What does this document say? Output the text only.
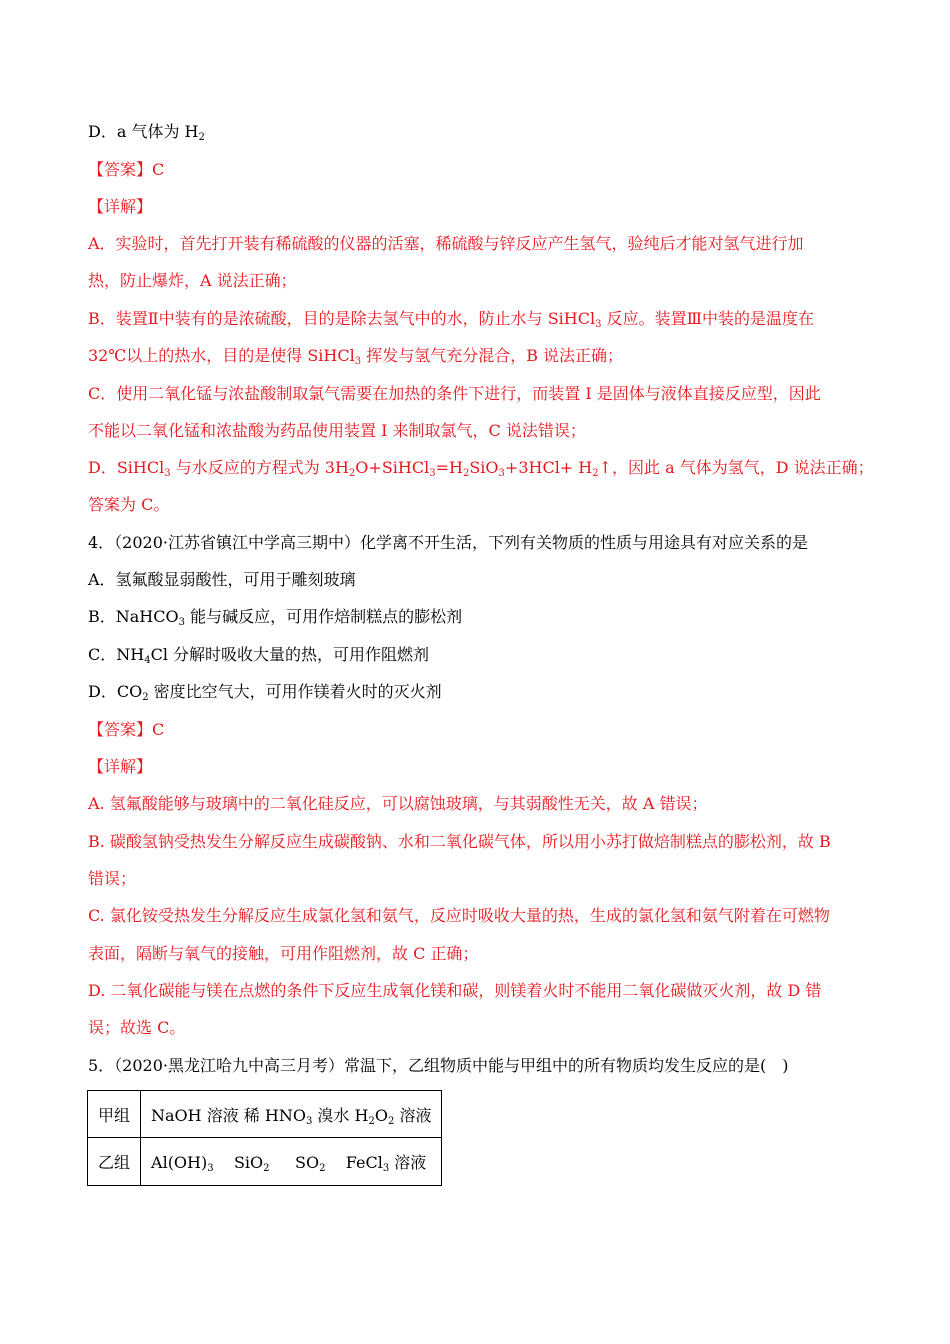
D．a 气体为 $H_2$
【答案】C
【详解】
A．实验时，首先打开装有稀硫酸的仪器的活塞，稀硫酸与锌反应产生氢气，验纯后才能对氢气进行加
热，防止爆炸，A 说法正确；
B．装置Ⅱ中装有的是浓硫酸，目的是除去氢气中的水，防止水与 SiHCl$_3$ 反应。装置Ⅲ中装的是温度在
32℃以上的热水，目的是使得 SiHCl$_3$ 挥发与氢气充分混合，B 说法正确；
C．使用二氧化锰与浓盐酸制取氯气需要在加热的条件下进行，而装置 I 是固体与液体直接反应型，因此
不能以二氧化锰和浓盐酸为药品使用装置 I 来制取氯气，C 说法错误；
D．SiHCl$_3$ 与水反应的方程式为 $3H_2O+SiHCl_3=H_2SiO_3+3HCl+$ $H_2↑$，因此 a 气体为氢气，D 说法正确；
答案为 C。
4．（2020·江苏省镇江中学高三期中）化学离不开生活，下列有关物质的性质与用途具有对应关系的是
A．氢氟酸显弱酸性，可用于雕刻玻璃
B．NaHCO$_3$ 能与碱反应，可用作焙制糕点的膨松剂
C．$NH_4Cl$ 分解时吸收大量的热，可用作阻燃剂
D．$CO_2$ 密度比空气大，可用作镁着火时的灭火剂
【答案】C
【详解】
A. 氢氟酸能够与玻璃中的二氧化硅反应，可以腐蚀玻璃，与其弱酸性无关，故 A 错误；
B. 碳酸氢钠受热发生分解反应生成碳酸钠、水和二氧化碳气体，所以用小苏打做焙制糕点的膨松剂，故 B
错误；
C. 氯化铵受热发生分解反应生成氯化氢和氨气，反应时吸收大量的热，生成的氯化氢和氨气附着在可燃物
表面，隔断与氧气的接触，可用作阻燃剂，故 C 正确；
D. 二氧化碳能与镁在点燃的条件下反应生成氧化镁和碳，则镁着火时不能用二氧化碳做灭火剂，故 D 错
误；故选 C。
5．（2020·黑龙江哈九中高三月考）常温下，乙组物质中能与甲组中的所有物质均发生反应的是(　)
甲组	NaOH 溶液 稀 $HNO_3$ 溴水 $H_2O_2$ 溶液
乙组	$Al(OH)_3$    SiO$_2$     $SO_2$    FeCl$_3$ 溶液
